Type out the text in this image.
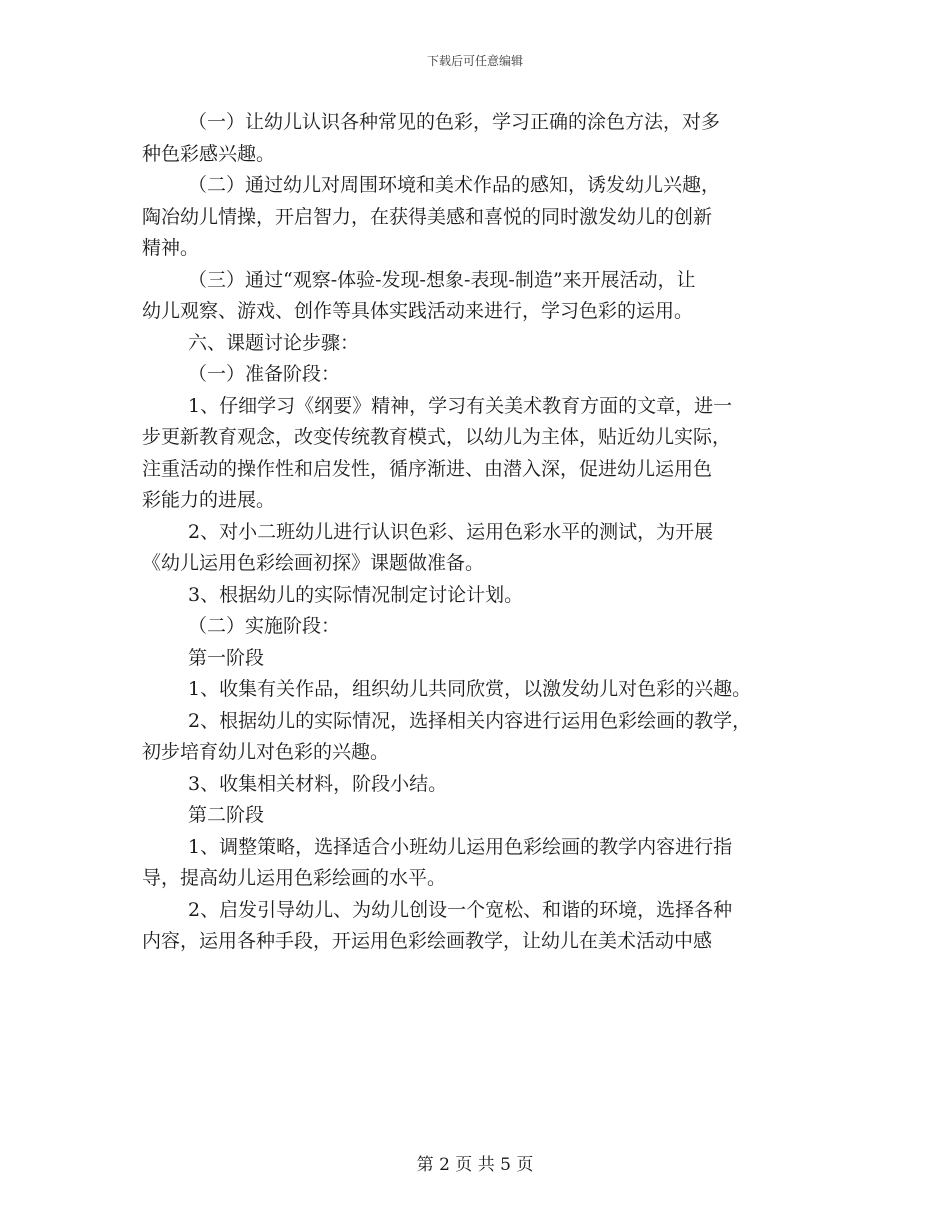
下载后可任意编辑

（一）让幼儿认识各种常见的色彩，学习正确的涂色方法，对多
种色彩感兴趣。

（二）通过幼儿对周围环境和美术作品的感知，诱发幼儿兴趣，
陶冶幼儿情操，开启智力，在获得美感和喜悦的同时激发幼儿的创新
精神。

（三）通过“观察-体验-发现-想象-表现-制造”来开展活动，让
幼儿观察、游戏、创作等具体实践活动来进行，学习色彩的运用。

六、课题讨论步骤：

（一）准备阶段：

1、仔细学习《纲要》精神，学习有关美术教育方面的文章，进一
步更新教育观念，改变传统教育模式，以幼儿为主体，贴近幼儿实际，
注重活动的操作性和启发性，循序渐进、由潜入深，促进幼儿运用色
彩能力的进展。

2、对小二班幼儿进行认识色彩、运用色彩水平的测试，为开展
《幼儿运用色彩绘画初探》课题做准备。

3、根据幼儿的实际情况制定讨论计划。

（二）实施阶段：

第一阶段

1、收集有关作品，组织幼儿共同欣赏，以激发幼儿对色彩的兴趣。

2、根据幼儿的实际情况，选择相关内容进行运用色彩绘画的教学，
初步培育幼儿对色彩的兴趣。

3、收集相关材料，阶段小结。

第二阶段

1、调整策略，选择适合小班幼儿运用色彩绘画的教学内容进行指
导，提高幼儿运用色彩绘画的水平。

2、启发引导幼儿、为幼儿创设一个宽松、和谐的环境，选择各种
内容，运用各种手段，开运用色彩绘画教学，让幼儿在美术活动中感

第 2 页 共 5 页
